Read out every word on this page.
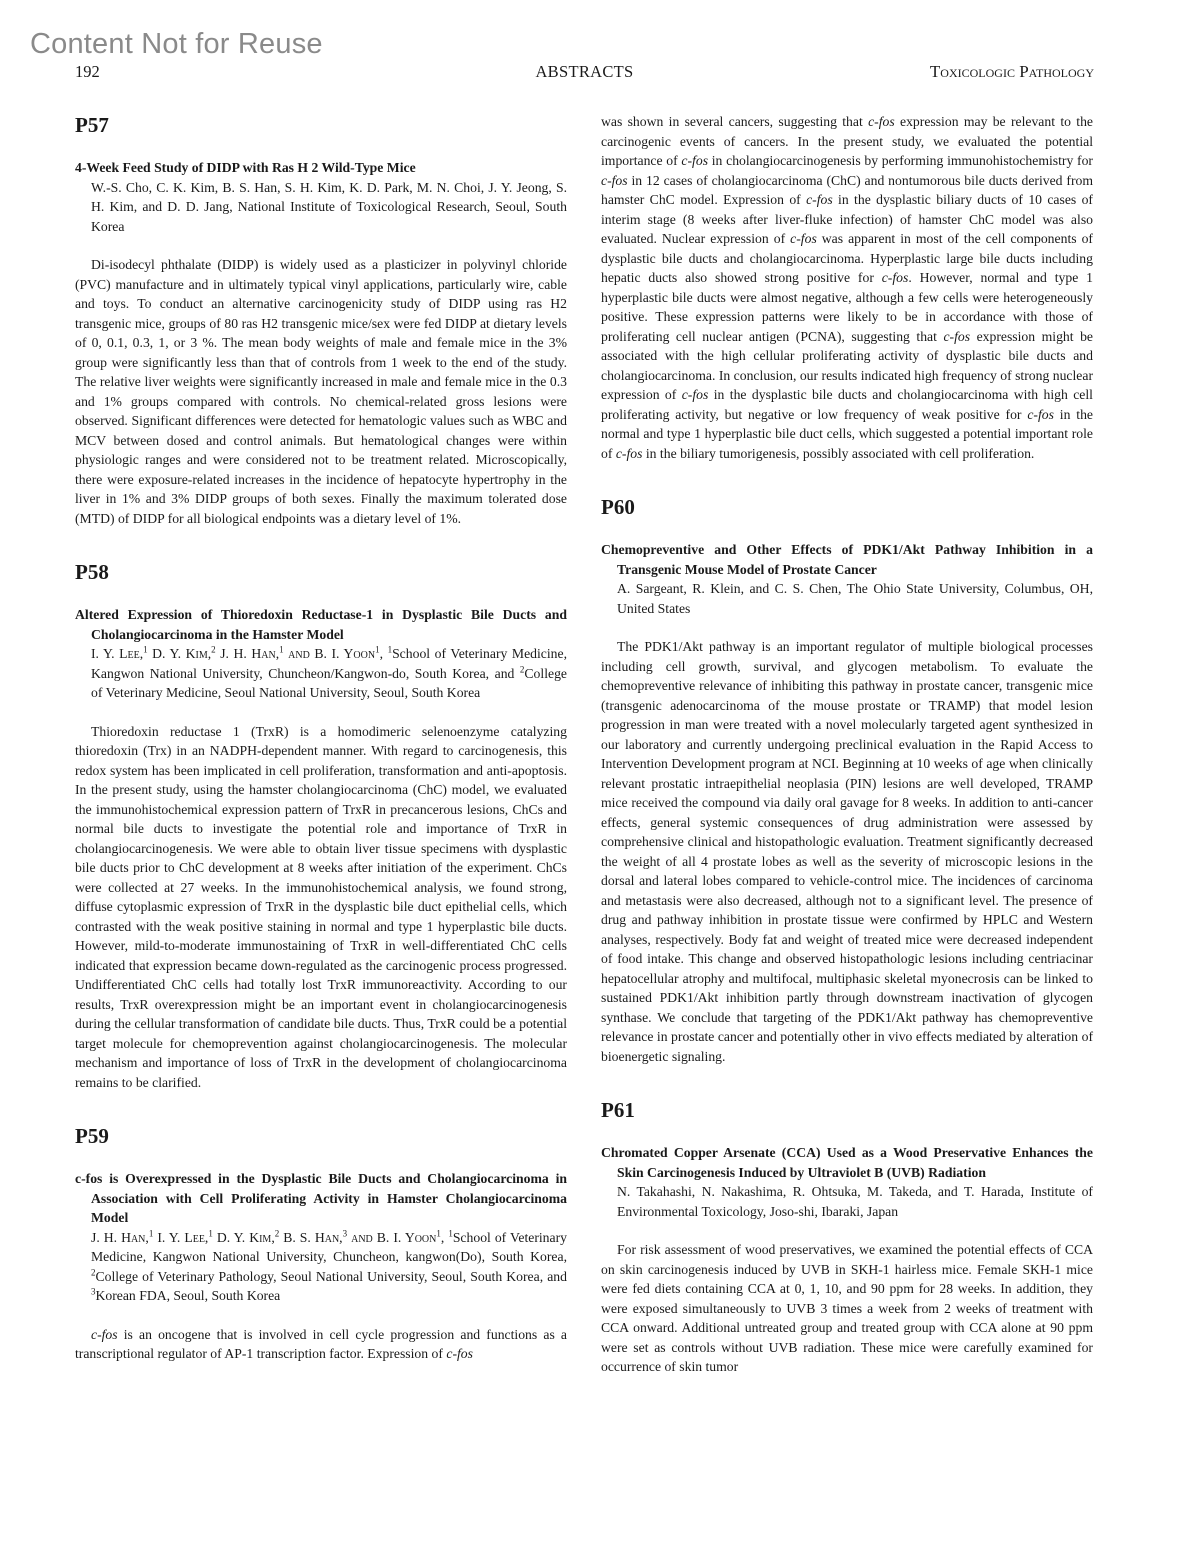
Content Not for Reuse
192	ABSTRACTS	Toxicologic Pathology
P57

4-Week Feed Study of DIDP with Ras H 2 Wild-Type Mice

W.-S. Cho, C. K. Kim, B. S. Han, S. H. Kim, K. D. Park, M. N. Choi, J. Y. Jeong, S. H. Kim, and D. D. Jang, National Institute of Toxicological Research, Seoul, South Korea

Di-isodecyl phthalate (DIDP) is widely used as a plasticizer in polyvinyl chloride (PVC) manufacture and in ultimately typical vinyl applications, particularly wire, cable and toys. To conduct an alternative carcinogenicity study of DIDP using ras H2 transgenic mice, groups of 80 ras H2 transgenic mice/sex were fed DIDP at dietary levels of 0, 0.1, 0.3, 1, or 3 %. The mean body weights of male and female mice in the 3% group were significantly less than that of controls from 1 week to the end of the study. The relative liver weights were significantly increased in male and female mice in the 0.3 and 1% groups compared with controls. No chemical-related gross lesions were observed. Significant differences were detected for hematologic values such as WBC and MCV between dosed and control animals. But hematological changes were within physiologic ranges and were considered not to be treatment related. Microscopically, there were exposure-related increases in the incidence of hepatocyte hypertrophy in the liver in 1% and 3% DIDP groups of both sexes. Finally the maximum tolerated dose (MTD) of DIDP for all biological endpoints was a dietary level of 1%.

P58

Altered Expression of Thioredoxin Reductase-1 in Dysplastic Bile Ducts and Cholangiocarcinoma in the Hamster Model

I. Y. Lee,$^1$ D. Y. Kim,$^2$ J. H. Han,$^1$ and B. I. Yoon$^1$, $^1$School of Veterinary Medicine, Kangwon National University, Chuncheon/Kangwon-do, South Korea, and $^2$College of Veterinary Medicine, Seoul National University, Seoul, South Korea

Thioredoxin reductase 1 (TrxR) is a homodimeric selenoenzyme catalyzing thioredoxin (Trx) in an NADPH-dependent manner. With regard to carcinogenesis, this redox system has been implicated in cell proliferation, transformation and anti-apoptosis. In the present study, using the hamster cholangiocarcinoma (ChC) model, we evaluated the immunohistochemical expression pattern of TrxR in precancerous lesions, ChCs and normal bile ducts to investigate the potential role and importance of TrxR in cholangiocarcinogenesis. We were able to obtain liver tissue specimens with dysplastic bile ducts prior to ChC development at 8 weeks after initiation of the experiment. ChCs were collected at 27 weeks. In the immunohistochemical analysis, we found strong, diffuse cytoplasmic expression of TrxR in the dysplastic bile duct epithelial cells, which contrasted with the weak positive staining in normal and type 1 hyperplastic bile ducts. However, mild-to-moderate immunostaining of TrxR in well-differentiated ChC cells indicated that expression became down-regulated as the carcinogenic process progressed. Undifferentiated ChC cells had totally lost TrxR immunoreactivity. According to our results, TrxR overexpression might be an important event in cholangiocarcinogenesis during the cellular transformation of candidate bile ducts. Thus, TrxR could be a potential target molecule for chemoprevention against cholangiocarcinogenesis. The molecular mechanism and importance of loss of TrxR in the development of cholangiocarcinoma remains to be clarified.

P59

c-fos is Overexpressed in the Dysplastic Bile Ducts and Cholangiocarcinoma in Association with Cell Proliferating Activity in Hamster Cholangiocarcinoma Model

J. H. Han,$^1$ I. Y. Lee,$^1$ D. Y. Kim,$^2$ B. S. Han,$^3$ and B. I. Yoon$^1$, $^1$School of Veterinary Medicine, Kangwon National University, Chuncheon, kangwon(Do), South Korea, $^2$College of Veterinary Pathology, Seoul National University, Seoul, South Korea, and $^3$Korean FDA, Seoul, South Korea

c-fos is an oncogene that is involved in cell cycle progression and functions as a transcriptional regulator of AP-1 transcription factor. Expression of c-fos

was shown in several cancers, suggesting that c-fos expression may be relevant to the carcinogenic events of cancers. In the present study, we evaluated the potential importance of c-fos in cholangiocarcinogenesis by performing immunohistochemistry for c-fos in 12 cases of cholangiocarcinoma (ChC) and nontumorous bile ducts derived from hamster ChC model. Expression of c-fos in the dysplastic biliary ducts of 10 cases of interim stage (8 weeks after liver-fluke infection) of hamster ChC model was also evaluated. Nuclear expression of c-fos was apparent in most of the cell components of dysplastic bile ducts and cholangiocarcinoma. Hyperplastic large bile ducts including hepatic ducts also showed strong positive for c-fos. However, normal and type 1 hyperplastic bile ducts were almost negative, although a few cells were heterogeneously positive. These expression patterns were likely to be in accordance with those of proliferating cell nuclear antigen (PCNA), suggesting that c-fos expression might be associated with the high cellular proliferating activity of dysplastic bile ducts and cholangiocarcinoma. In conclusion, our results indicated high frequency of strong nuclear expression of c-fos in the dysplastic bile ducts and cholangiocarcinoma with high cell proliferating activity, but negative or low frequency of weak positive for c-fos in the normal and type 1 hyperplastic bile duct cells, which suggested a potential important role of c-fos in the biliary tumorigenesis, possibly associated with cell proliferation.

P60

Chemopreventive and Other Effects of PDK1/Akt Pathway Inhibition in a Transgenic Mouse Model of Prostate Cancer

A. Sargeant, R. Klein, and C. S. Chen, The Ohio State University, Columbus, OH, United States

The PDK1/Akt pathway is an important regulator of multiple biological processes including cell growth, survival, and glycogen metabolism. To evaluate the chemopreventive relevance of inhibiting this pathway in prostate cancer, transgenic mice (transgenic adenocarcinoma of the mouse prostate or TRAMP) that model lesion progression in man were treated with a novel molecularly targeted agent synthesized in our laboratory and currently undergoing preclinical evaluation in the Rapid Access to Intervention Development program at NCI. Beginning at 10 weeks of age when clinically relevant prostatic intraepithelial neoplasia (PIN) lesions are well developed, TRAMP mice received the compound via daily oral gavage for 8 weeks. In addition to anti-cancer effects, general systemic consequences of drug administration were assessed by comprehensive clinical and histopathologic evaluation. Treatment significantly decreased the weight of all 4 prostate lobes as well as the severity of microscopic lesions in the dorsal and lateral lobes compared to vehicle-control mice. The incidences of carcinoma and metastasis were also decreased, although not to a significant level. The presence of drug and pathway inhibition in prostate tissue were confirmed by HPLC and Western analyses, respectively. Body fat and weight of treated mice were decreased independent of food intake. This change and observed histopathologic lesions including centriacinar hepatocellular atrophy and multifocal, multiphasic skeletal myonecrosis can be linked to sustained PDK1/Akt inhibition partly through downstream inactivation of glycogen synthase. We conclude that targeting of the PDK1/Akt pathway has chemopreventive relevance in prostate cancer and potentially other in vivo effects mediated by alteration of bioenergetic signaling.

P61

Chromated Copper Arsenate (CCA) Used as a Wood Preservative Enhances the Skin Carcinogenesis Induced by Ultraviolet B (UVB) Radiation

N. Takahashi, N. Nakashima, R. Ohtsuka, M. Takeda, and T. Harada, Institute of Environmental Toxicology, Joso-shi, Ibaraki, Japan

For risk assessment of wood preservatives, we examined the potential effects of CCA on skin carcinogenesis induced by UVB in SKH-1 hairless mice. Female SKH-1 mice were fed diets containing CCA at 0, 1, 10, and 90 ppm for 28 weeks. In addition, they were exposed simultaneously to UVB 3 times a week from 2 weeks of treatment with CCA onward. Additional untreated group and treated group with CCA alone at 90 ppm were set as controls without UVB radiation. These mice were carefully examined for occurrence of skin tumor
